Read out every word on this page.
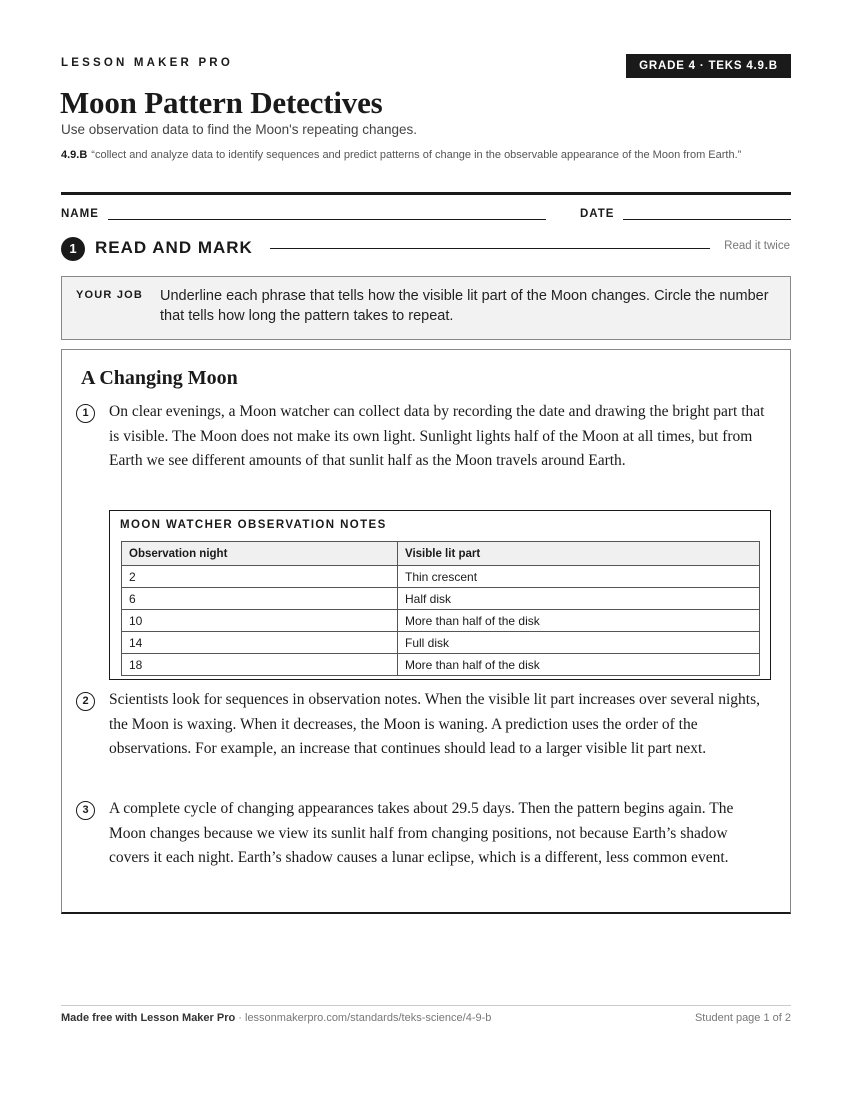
LESSON MAKER PRO	GRADE 4 · TEKS 4.9.B
Moon Pattern Detectives
Use observation data to find the Moon's repeating changes.
4.9.B “collect and analyze data to identify sequences and predict patterns of change in the observable appearance of the Moon from Earth.”
NAME	DATE
1	READ AND MARK	Read it twice
YOUR JOB Underline each phrase that tells how the visible lit part of the Moon changes. Circle the number that tells how long the pattern takes to repeat.
A Changing Moon
1	On clear evenings, a Moon watcher can collect data by recording the date and drawing the bright part that is visible. The Moon does not make its own light. Sunlight lights half of the Moon at all times, but from Earth we see different amounts of that sunlit half as the Moon travels around Earth.

MOON WATCHER OBSERVATION NOTES
Observation night	Visible lit part
2	Thin crescent
6	Half disk
10	More than half of the disk
14	Full disk
18	More than half of the disk
2	Scientists look for sequences in observation notes. When the visible lit part increases over several nights, the Moon is waxing. When it decreases, the Moon is waning. A prediction uses the order of the observations. For example, an increase that continues should lead to a larger visible lit part next.

3	A complete cycle of changing appearances takes about 29.5 days. Then the pattern begins again. The Moon changes because we view its sunlit half from changing positions, not because Earth’s shadow covers it each night. Earth’s shadow causes a lunar eclipse, which is a different, less common event.

Made free with Lesson Maker Pro · lessonmakerpro.com/standards/teks-science/4-9-b	Student page 1 of 2
